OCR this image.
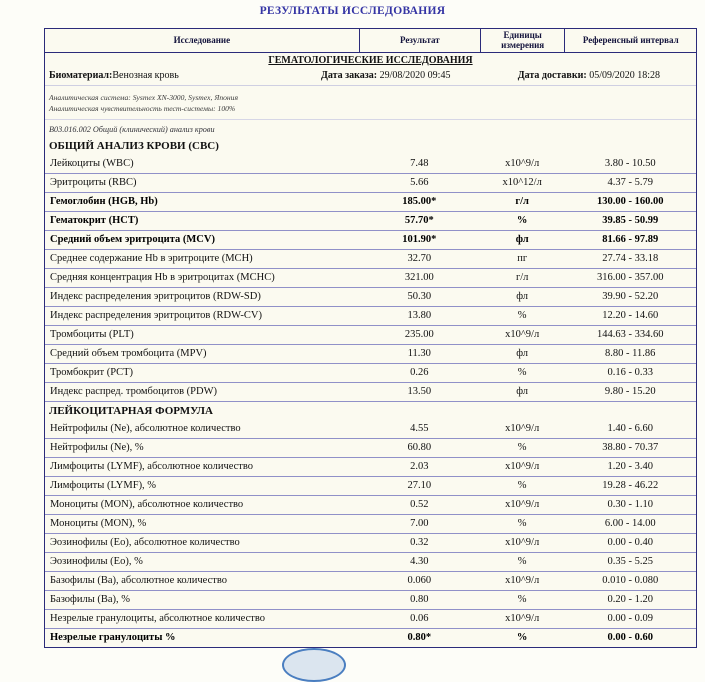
РЕЗУЛЬТАТЫ ИССЛЕДОВАНИЯ
Исследование	Результат	Единицы измерения	Референсный интервал
ГЕМАТОЛОГИЧЕСКИЕ ИССЛЕДОВАНИЯ
Биоматериал:Венозная кровь	Дата заказа: 29/08/2020 09:45	Дата доставки: 05/09/2020 18:28
Аналитическая система: Sysmex XN-3000, Sysmex, Япония
Аналитическая чувствительность тест-системы: 100%
B03.016.002 Общий (клинический) анализ крови
ОБЩИЙ АНАЛИЗ КРОВИ (CBC)
Лейкоциты (WBC)	7.48	х10^9/л	3.80 - 10.50
Эритроциты (RBC)	5.66	х10^12/л	4.37 - 5.79
Гемоглобин (HGB, Hb)	185.00*	г/л	130.00 - 160.00
Гематокрит (HCT)	57.70*	%	39.85 - 50.99
Средний объем эритроцита (MCV)	101.90*	фл	81.66 - 97.89
Среднее содержание Hb в эритроците (MCH)	32.70	пг	27.74 - 33.18
Средняя концентрация Hb в эритроцитах (MCHC)	321.00	г/л	316.00 - 357.00
Индекс распределения эритроцитов (RDW-SD)	50.30	фл	39.90 - 52.20
Индекс распределения эритроцитов (RDW-CV)	13.80	%	12.20 - 14.60
Тромбоциты (PLT)	235.00	х10^9/л	144.63 - 334.60
Средний объем тромбоцита (MPV)	11.30	фл	8.80 - 11.86
Тромбокрит (PCT)	0.26	%	0.16 - 0.33
Индекс распред. тромбоцитов (PDW)	13.50	фл	9.80 - 15.20
ЛЕЙКОЦИТАРНАЯ ФОРМУЛА
Нейтрофилы (Ne), абсолютное количество	4.55	х10^9/л	1.40 - 6.60
Нейтрофилы (Ne), %	60.80	%	38.80 - 70.37
Лимфоциты (LYMF), абсолютное количество	2.03	х10^9/л	1.20 - 3.40
Лимфоциты (LYMF), %	27.10	%	19.28 - 46.22
Моноциты (MON), абсолютное количество	0.52	х10^9/л	0.30 - 1.10
Моноциты (MON), %	7.00	%	6.00 - 14.00
Эозинофилы (Eo), абсолютное количество	0.32	х10^9/л	0.00 - 0.40
Эозинофилы (Eo), %	4.30	%	0.35 - 5.25
Базофилы (Ba), абсолютное количество	0.060	х10^9/л	0.010 - 0.080
Базофилы (Ba), %	0.80	%	0.20 - 1.20
Незрелые гранулоциты, абсолютное количество	0.06	х10^9/л	0.00 - 0.09
Незрелые гранулоциты %	0.80*	%	0.00 - 0.60
